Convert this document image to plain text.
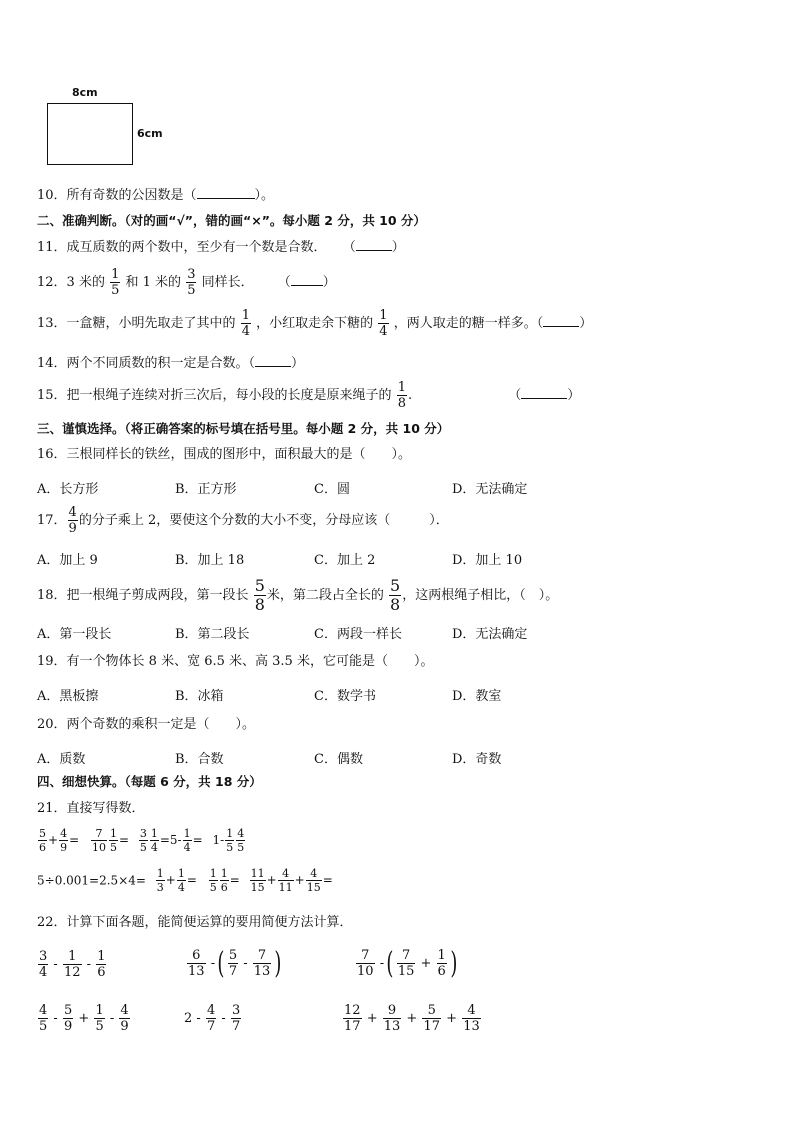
8cm
6cm
10．所有奇数的公因数是（	）。
二、准确判断。（对的画“√”，错的画“×”。每小题 2 分，共 10 分）
11．成互质数的两个数中，至少有一个数是合数． （	）
12．3 米的 $\frac{1}{5}$ 和 1 米的 $\frac{3}{5}$ 同样长． （ ）
13．一盒糖，小明先取走了其中的 $\frac{1}{4}$ ，小红取走余下糖的 $\frac{1}{4}$ ，两人取走的糖一样多。（	）
14．两个不同质数的积一定是合数。（	）
15．把一根绳子连续对折三次后，每小段的长度是原来绳子的 $\frac{1}{8}$ .	（	）
三、谨慎选择。（将正确答案的标号填在括号里。每小题 2 分，共 10 分）
16．三根同样长的铁丝，围成的图形中，面积最大的是（　　）。
A．长方形	B．正方形	C．圆	D．无法确定
17． $\frac{4}{9}$ 的分子乘上 2，要使这个分数的大小不变，分母应该（　　　）．
A．加上 9	B．加上 18	C．加上 2	D．加上 10
18．把一根绳子剪成两段，第一段长 $\frac{5}{8}$ 米，第二段占全长的 $\frac{5}{8}$ ，这两根绳子相比，（　）。
A．第一段长	B．第二段长	C．两段一样长	D．无法确定
19．有一个物体长 8 米、宽 6.5 米、高 3.5 米，它可能是（　　）。
A．黑板擦	B．冰箱	C．数学书	D．教室
20．两个奇数的乘积一定是（　　）。
A．质数	B．合数	C．偶数	D．奇数
四、细想快算。（每题 6 分，共 18 分）
21．直接写得数．
$\frac{5}{6} + \frac{4}{9} = \frac{7}{10} \frac{1}{5} = \frac{3}{5} \frac{1}{4} =5- \frac{1}{4} = 1- \frac{1}{5} \frac{4}{5}$
$5\div 0.001=2.5\times 4= \frac{1}{3} + \frac{1}{4} = \frac{1}{5} \frac{1}{6} = \frac{11}{15} + \frac{4}{11} + \frac{4}{15}$ =
22．计算下面各题，能简便运算的要用简便方法计算．
$\frac{3}{4} - \frac{1}{12} - \frac{1}{6}$	$\frac{6}{13}$ -( $\frac{5}{7} - \frac{7}{13}$ )	$\frac{7}{10}$ -( $\frac{7}{15} + \frac{1}{6}$ )
$\frac{4}{5} - \frac{5}{9} + \frac{1}{5} - \frac{4}{9}$	$2 - \frac{4}{7} - \frac{3}{7}$	$\frac{12}{17} + \frac{9}{13} + \frac{5}{17} + \frac{4}{13}$
